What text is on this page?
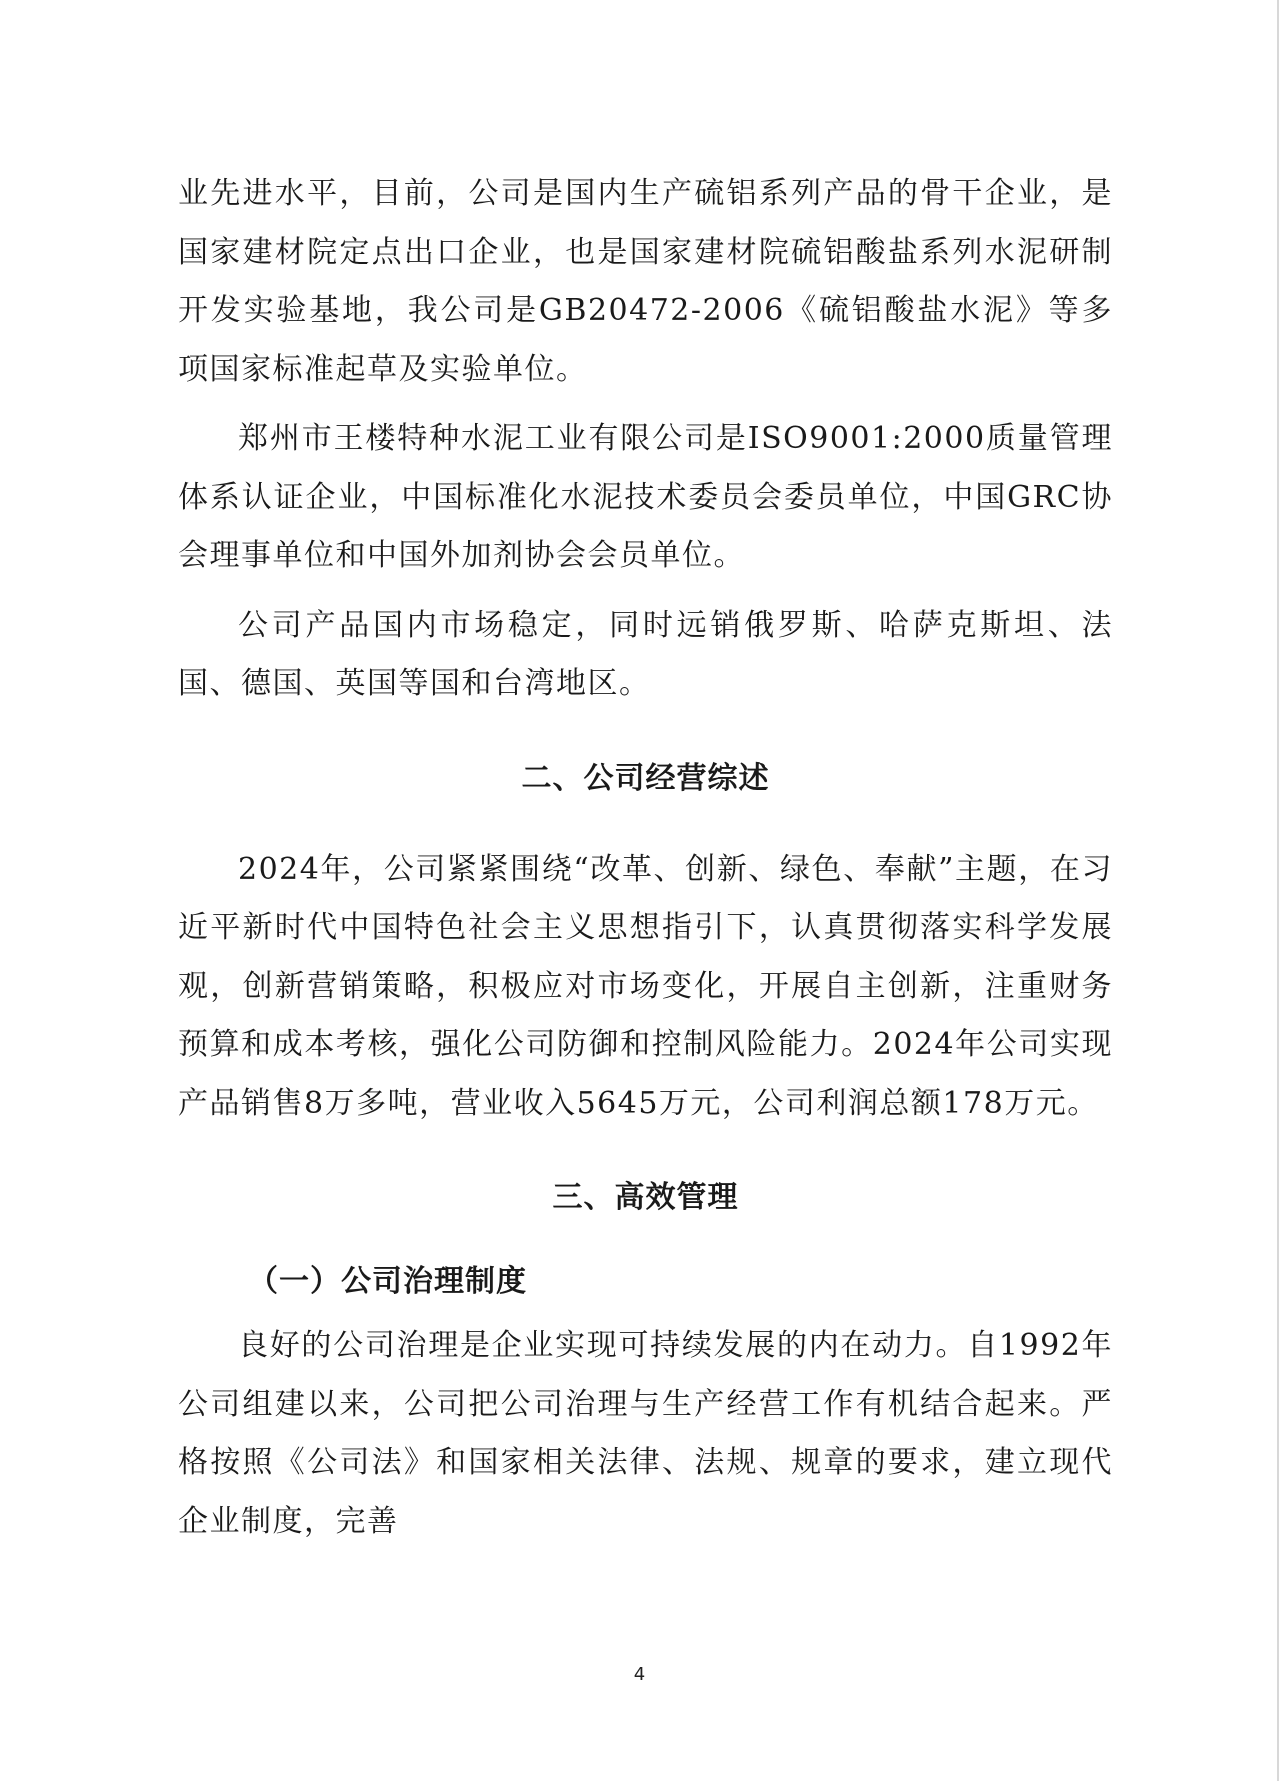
业先进水平，目前，公司是国内生产硫铝系列产品的骨干企业，是国家建材院定点出口企业，也是国家建材院硫铝酸盐系列水泥研制开发实验基地，我公司是GB20472-2006《硫铝酸盐水泥》等多项国家标准起草及实验单位。

郑州市王楼特种水泥工业有限公司是ISO9001:2000质量管理体系认证企业，中国标准化水泥技术委员会委员单位，中国GRC协会理事单位和中国外加剂协会会员单位。

公司产品国内市场稳定，同时远销俄罗斯、哈萨克斯坦、法国、德国、英国等国和台湾地区。

二、公司经营综述

2024年，公司紧紧围绕“改革、创新、绿色、奉献”主题，在习近平新时代中国特色社会主义思想指引下，认真贯彻落实科学发展观，创新营销策略，积极应对市场变化，开展自主创新，注重财务预算和成本考核，强化公司防御和控制风险能力。2024年公司实现产品销售8万多吨，营业收入5645万元，公司利润总额178万元。

三、高效管理
（一）公司治理制度

良好的公司治理是企业实现可持续发展的内在动力。自1992年公司组建以来，公司把公司治理与生产经营工作有机结合起来。严格按照《公司法》和国家相关法律、法规、规章的要求，建立现代企业制度，完善

4
